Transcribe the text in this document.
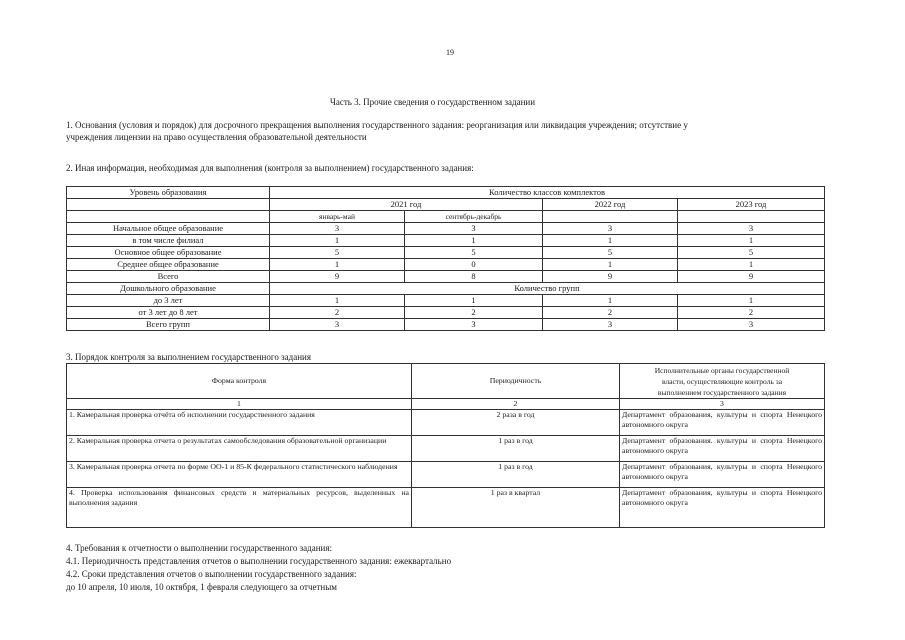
19
Часть 3. Прочие сведения о государственном задании
1. Основания (условия и порядок) для досрочного прекращения выполнения государственного задания: реорганизация или ликвидация учреждения; отсутствие у
учреждения лицензии на право осуществления образовательной деятельности
2. Иная информация, необходимая для выполнения (контроля за выполнением) государственного задания:
Уровень образования	Количество классов комплектов			
	2021 год		2022 год	2023 год
	январь-май	сентябрь-декабрь		
Начальное общее образование	3	3	3	3
в том числе филиал	1	1	1	1
Основное общее образование	5	5	5	5
Среднее общее образование	1	0	1	1
Всего	9	8	9	9
Дошкольного образование	Количество групп			
до 3 лет	1	1	1	1
от 3 лет до 8 лет	2	2	2	2
Всего групп	3	3	3	3
3. Порядок контроля за выполнением государственного задания
Форма контроля	Периодичность	Исполнительные органы государственной
власти, осуществляющие контроль за
выполнением государственного задания
1	2	3
1. Камеральная проверка отчёта об исполнении государственного задания	2 раза в год	Департамент образования, культуры и спорта Ненецкого автономного округа
2. Камеральная проверка отчета о результатах самообследования образовательной организации	1 раз в год	Департамент образования. культуры и спорта Ненецкого автономного округа
3. Камеральная проверка отчета по форме ОО-1 и 85-К федерального статистического наблюдения	1 раз в год	Департамент образования, культуры и спорта Ненецкого автономного округа
4. Проверка использования финансовых средств и материальных ресурсов, выделенных на выполнения задания	1 раз в квартал	Департамент образования, культуры и спорта Ненецкого автономного округа
4. Требования к отчетности о выполнении государственного задания:
4.1. Периодичность представления отчетов о выполнении государственного задания: ежеквартально
4.2. Сроки представления отчетов о выполнении государственного задания:
до 10 апреля, 10 июля, 10 октября, 1 февраля следующего за отчетным
